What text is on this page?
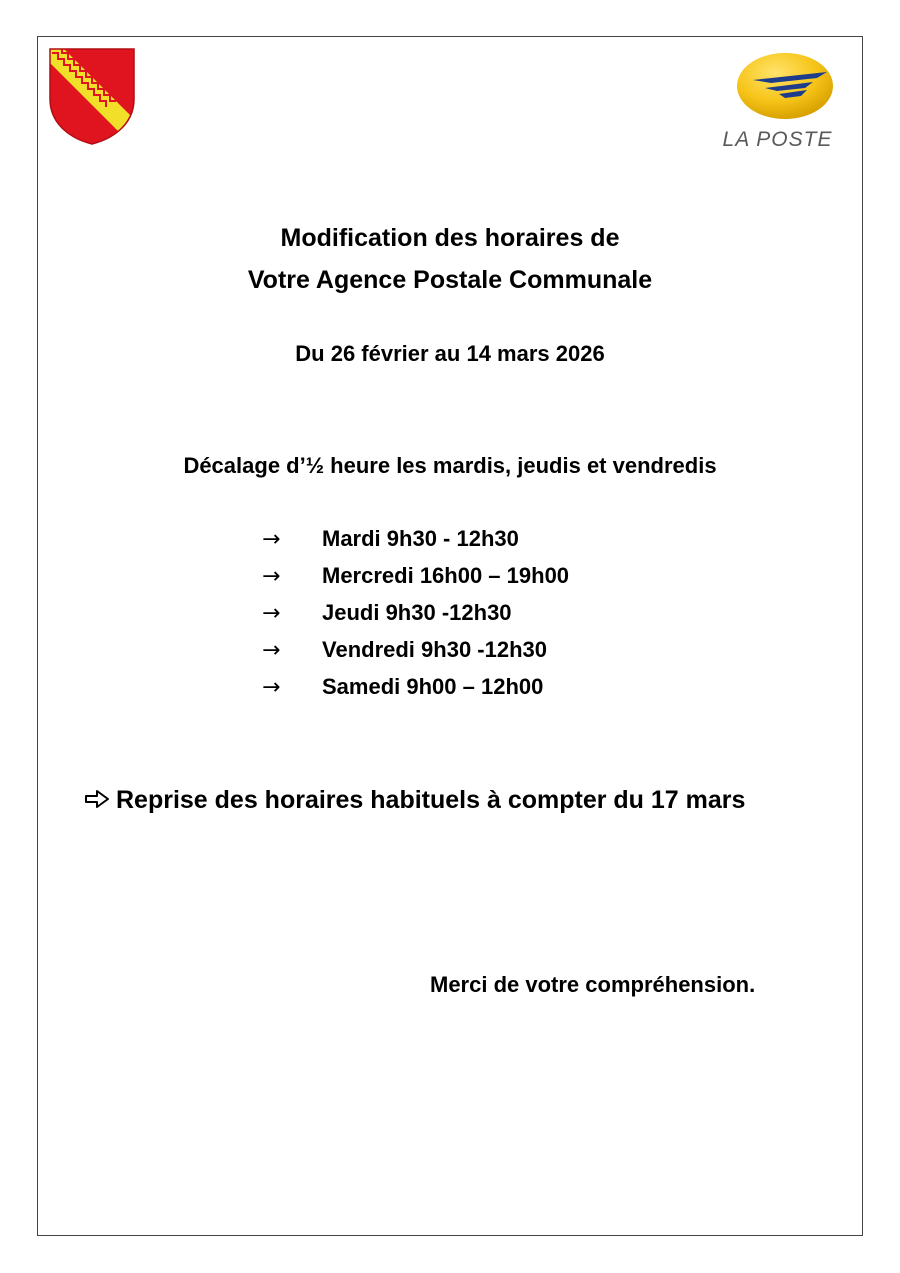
LA POSTE
Modification des horaires de
Votre Agence Postale Communale
Du 26 février au 14 mars 2026
Décalage d’½ heure les mardis, jeudis et vendredis
→ Mardi 9h30 - 12h30
→ Mercredi 16h00 – 19h00
→ Jeudi 9h30 -12h30
→ Vendredi 9h30 -12h30
→ Samedi 9h00 – 12h00
Reprise des horaires habituels à compter du 17 mars
Merci de votre compréhension.
